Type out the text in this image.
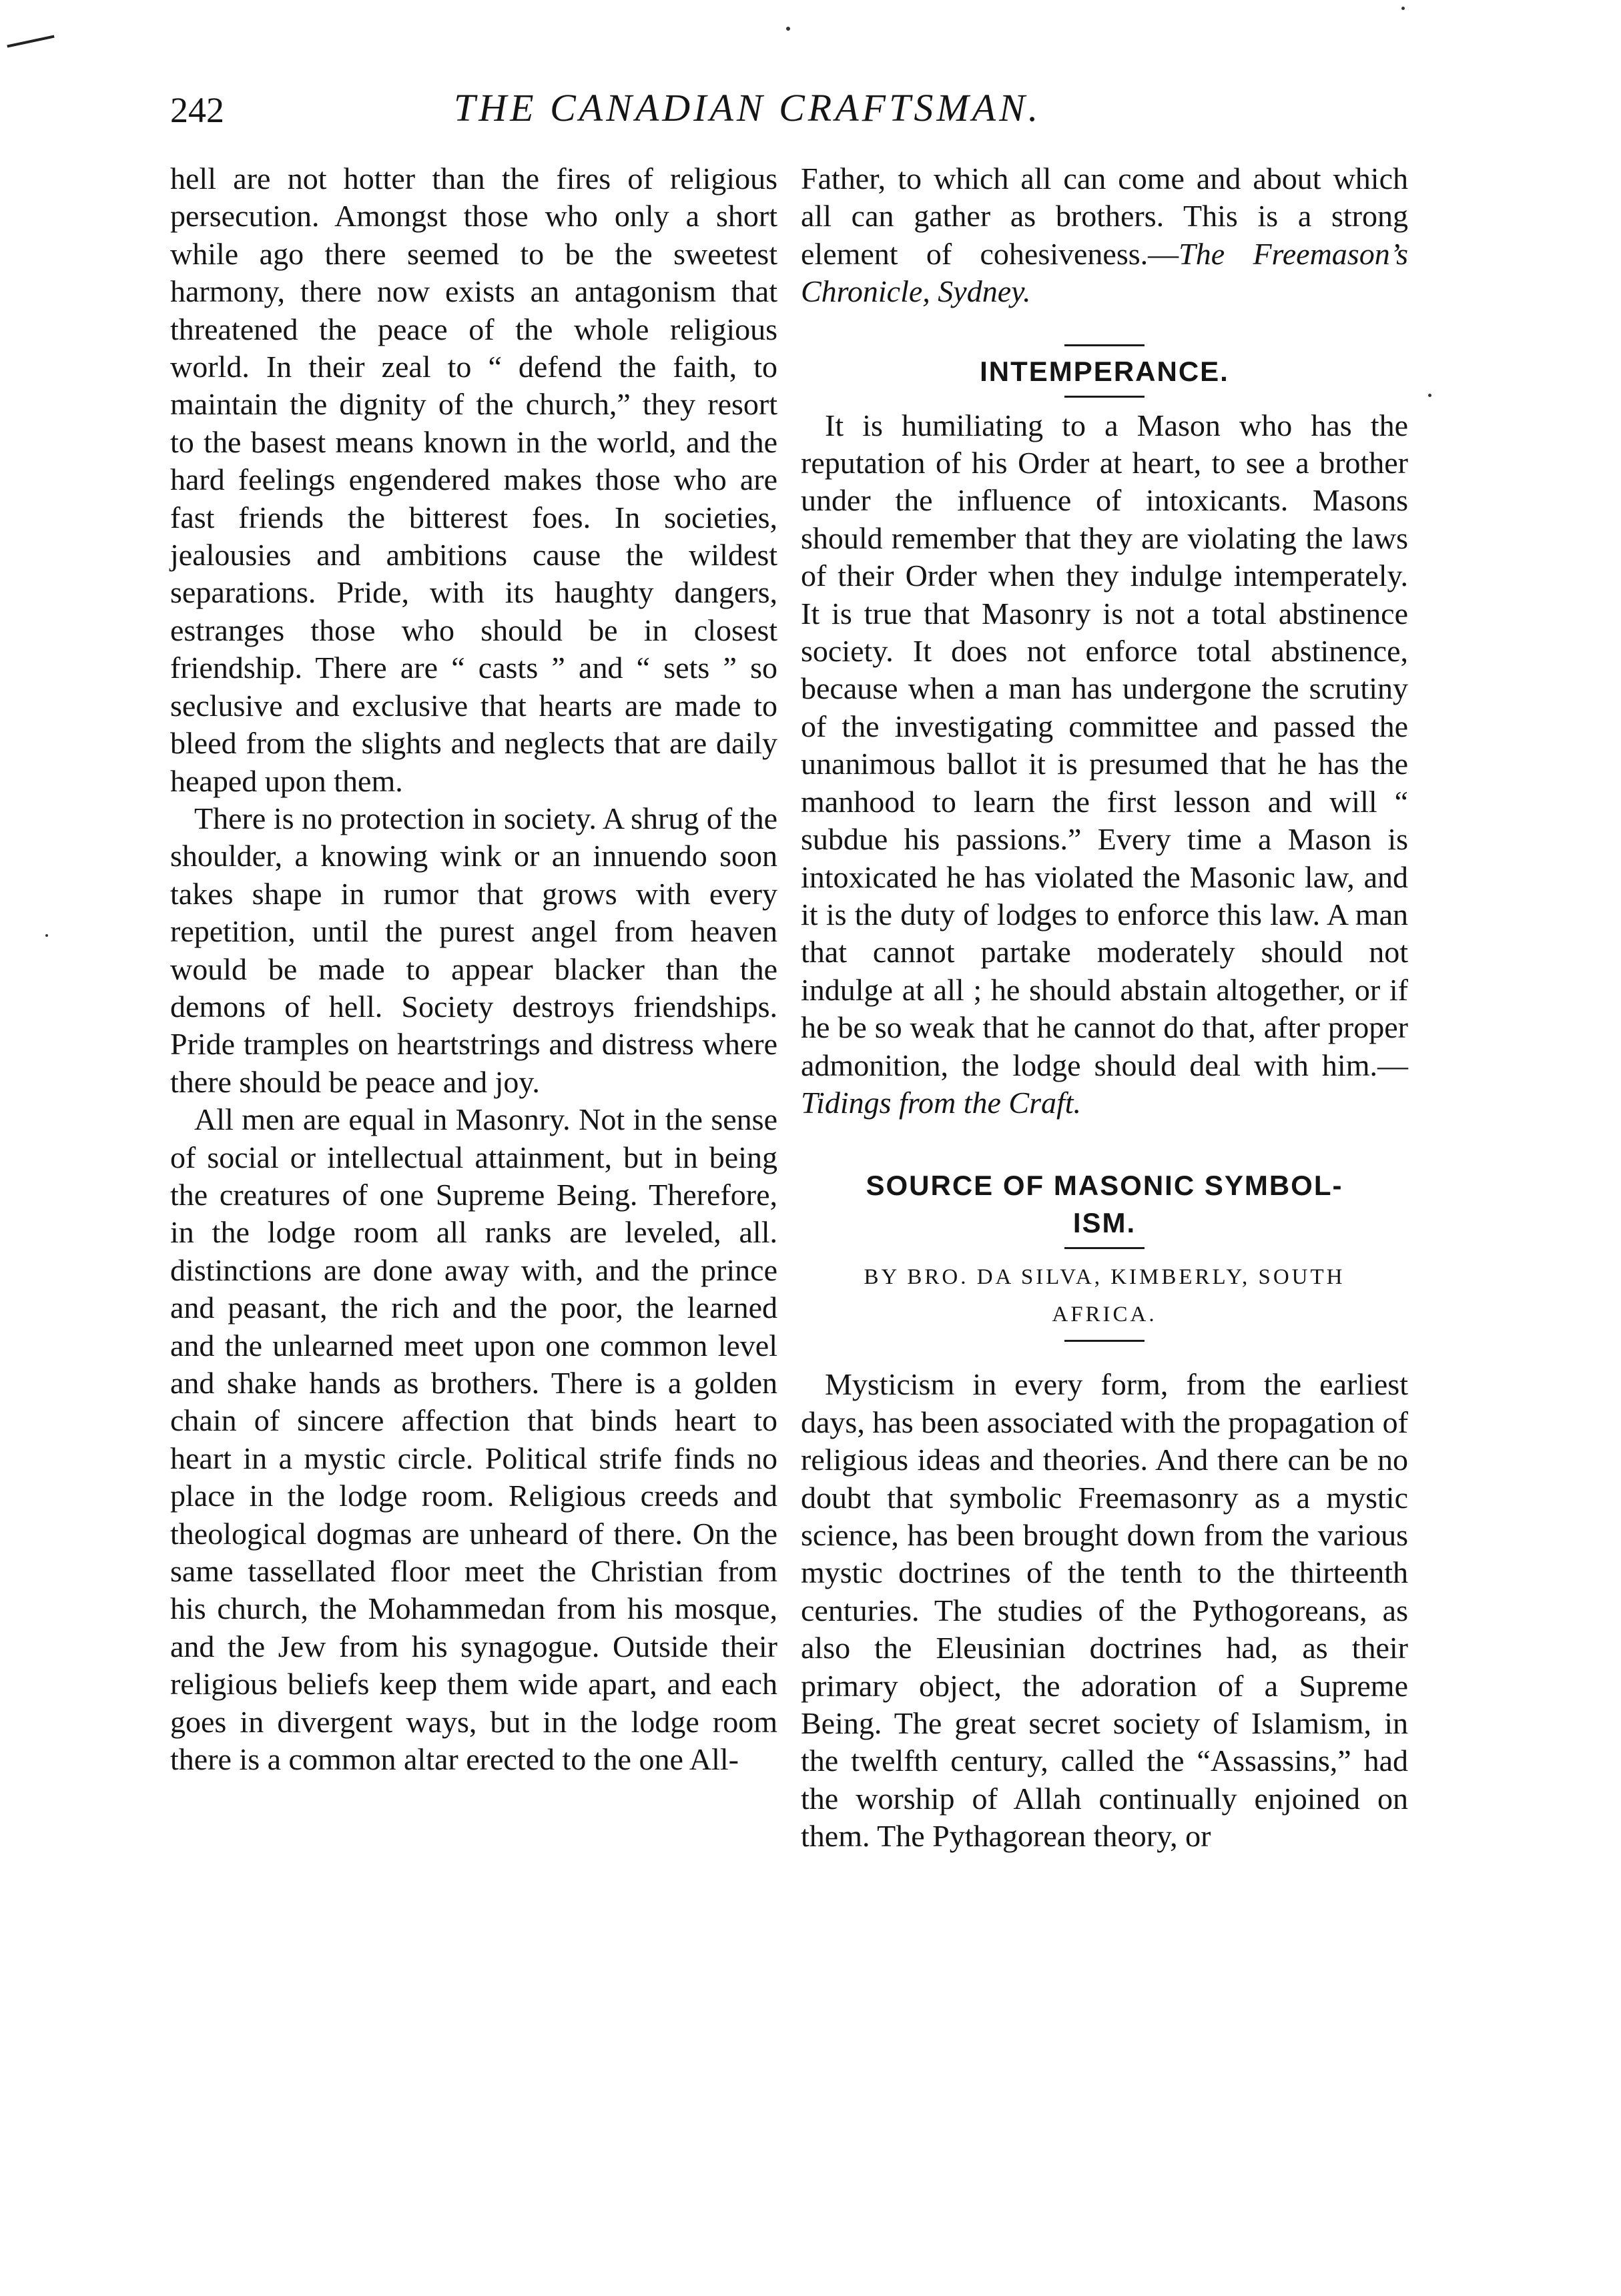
242	THE CANADIAN CRAFTSMAN.

hell are not hotter than the fires of religious persecution. Amongst those who only a short while ago there seemed to be the sweetest harmony, there now exists an antagonism that threatened the peace of the whole religious world. In their zeal to “ defend the faith, to maintain the dignity of the church,” they resort to the basest means known in the world, and the hard feelings engendered makes those who are fast friends the bitterest foes. In societies, jealousies and ambitions cause the wildest separations. Pride, with its haughty dangers, estranges those who should be in closest friendship. There are “ casts ” and “ sets ” so seclusive and exclusive that hearts are made to bleed from the slights and neglects that are daily heaped upon them.

There is no protection in society. A shrug of the shoulder, a knowing wink or an innuendo soon takes shape in rumor that grows with every repetition, until the purest angel from heaven would be made to appear blacker than the demons of hell. Society destroys friendships. Pride tramples on heartstrings and distress where there should be peace and joy.

All men are equal in Masonry. Not in the sense of social or intellectual attainment, but in being the creatures of one Supreme Being. Therefore, in the lodge room all ranks are leveled, all. distinctions are done away with, and the prince and peasant, the rich and the poor, the learned and the unlearned meet upon one common level and shake hands as brothers. There is a golden chain of sincere affection that binds heart to heart in a mystic circle. Political strife finds no place in the lodge room. Religious creeds and theological dogmas are unheard of there. On the same tassellated floor meet the Christian from his church, the Mohammedan from his mosque, and the Jew from his synagogue. Outside their religious beliefs keep them wide apart, and each goes in divergent ways, but in the lodge room there is a common altar erected to the one All-

Father, to which all can come and about which all can gather as brothers. This is a strong element of cohesiveness.—The Freemason’s Chronicle, Sydney.

INTEMPERANCE.

It is humiliating to a Mason who has the reputation of his Order at heart, to see a brother under the influence of intoxicants. Masons should remember that they are violating the laws of their Order when they indulge intemperately. It is true that Masonry is not a total abstinence society. It does not enforce total abstinence, because when a man has undergone the scrutiny of the investigating committee and passed the unanimous ballot it is presumed that he has the manhood to learn the first lesson and will “ subdue his passions.” Every time a Mason is intoxicated he has violated the Masonic law, and it is the duty of lodges to enforce this law. A man that cannot partake moderately should not indulge at all ; he should abstain altogether, or if he be so weak that he cannot do that, after proper admonition, the lodge should deal with him.—Tidings from the Craft.

SOURCE OF MASONIC SYMBOL-
ISM.

BY BRO. DA SILVA, KIMBERLY, SOUTH
AFRICA.

Mysticism in every form, from the earliest days, has been associated with the propagation of religious ideas and theories. And there can be no doubt that symbolic Freemasonry as a mystic science, has been brought down from the various mystic doctrines of the tenth to the thirteenth centuries. The studies of the Pythogoreans, as also the Eleusinian doctrines had, as their primary object, the adoration of a Supreme Being. The great secret society of Islamism, in the twelfth century, called the “Assassins,” had the worship of Allah continually enjoined on them. The Pythagorean theory, or
